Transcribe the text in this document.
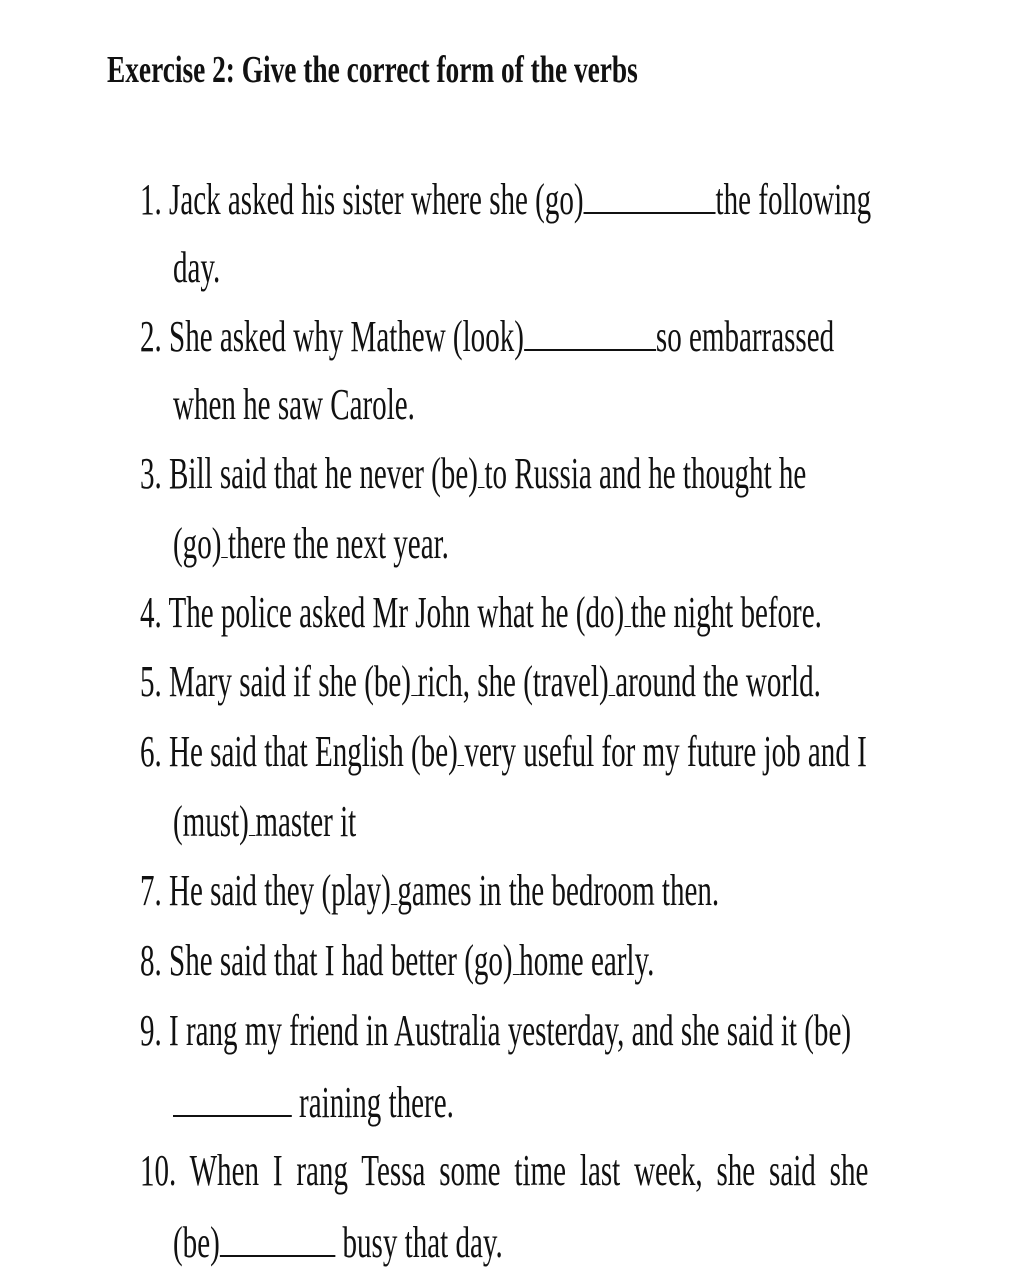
Exercise 2: Give the correct form of the verbs
1. Jack asked his sister where she (go)	the following
day.
2. She asked why Mathew (look)	so embarrassed
when he saw Carole.
3. Bill said that he never (be) to Russia and he thought he
(go) there the next year.
4. The police asked Mr John what he (do) the night before.
5. Mary said if she (be) rich, she (travel) around the world.
6. He said that English (be) very useful for my future job and I
(must) master it
7. He said they (play) games in the bedroom then.
8. She said that I had better (go) home early.
9. I rang my friend in Australia yesterday, and she said it (be)
raining there.
10. When I rang Tessa some time last week, she said she
(be)	busy that day.
